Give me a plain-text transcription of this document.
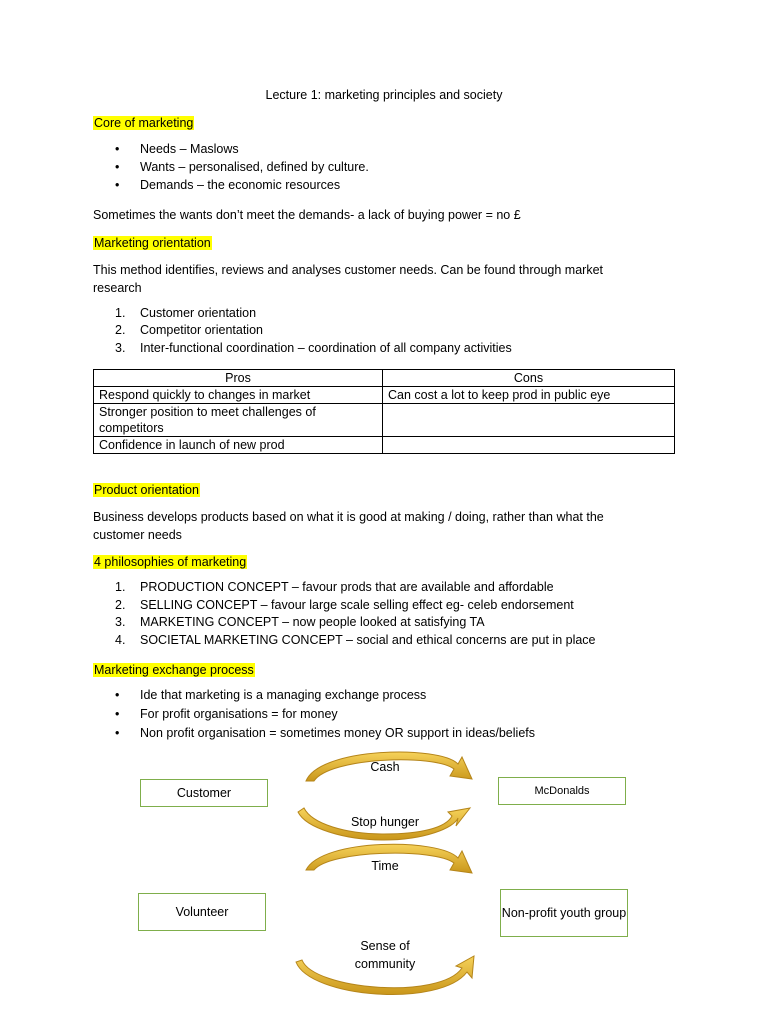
Lecture 1: marketing principles and society
Core of marketing
• Needs – Maslows
• Wants – personalised, defined by culture.
• Demands – the economic resources
Sometimes the wants don’t meet the demands- a lack of buying power = no £
Marketing orientation
This method identifies, reviews and analyses customer needs. Can be found through market
research
1. Customer orientation
2. Competitor orientation
3. Inter-functional coordination – coordination of all company activities
Pros	Cons
Respond quickly to changes in market	Can cost a lot to keep prod in public eye
Stronger position to meet challenges of competitors	
Confidence in launch of new prod	
Product orientation
Business develops products based on what it is good at making / doing, rather than what the
customer needs
4 philosophies of marketing
1. PRODUCTION CONCEPT – favour prods that are available and affordable
2. SELLING CONCEPT – favour large scale selling effect eg- celeb endorsement
3. MARKETING CONCEPT – now people looked at satisfying TA
4. SOCIETAL MARKETING CONCEPT – social and ethical concerns are put in place
Marketing exchange process
• Ide that marketing is a managing exchange process
• For profit organisations = for money
• Non profit organisation = sometimes money OR support in ideas/beliefs
Customer	McDonalds
Cash
Stop hunger
Time
Volunteer	Non-profit youth group
Sense of community
